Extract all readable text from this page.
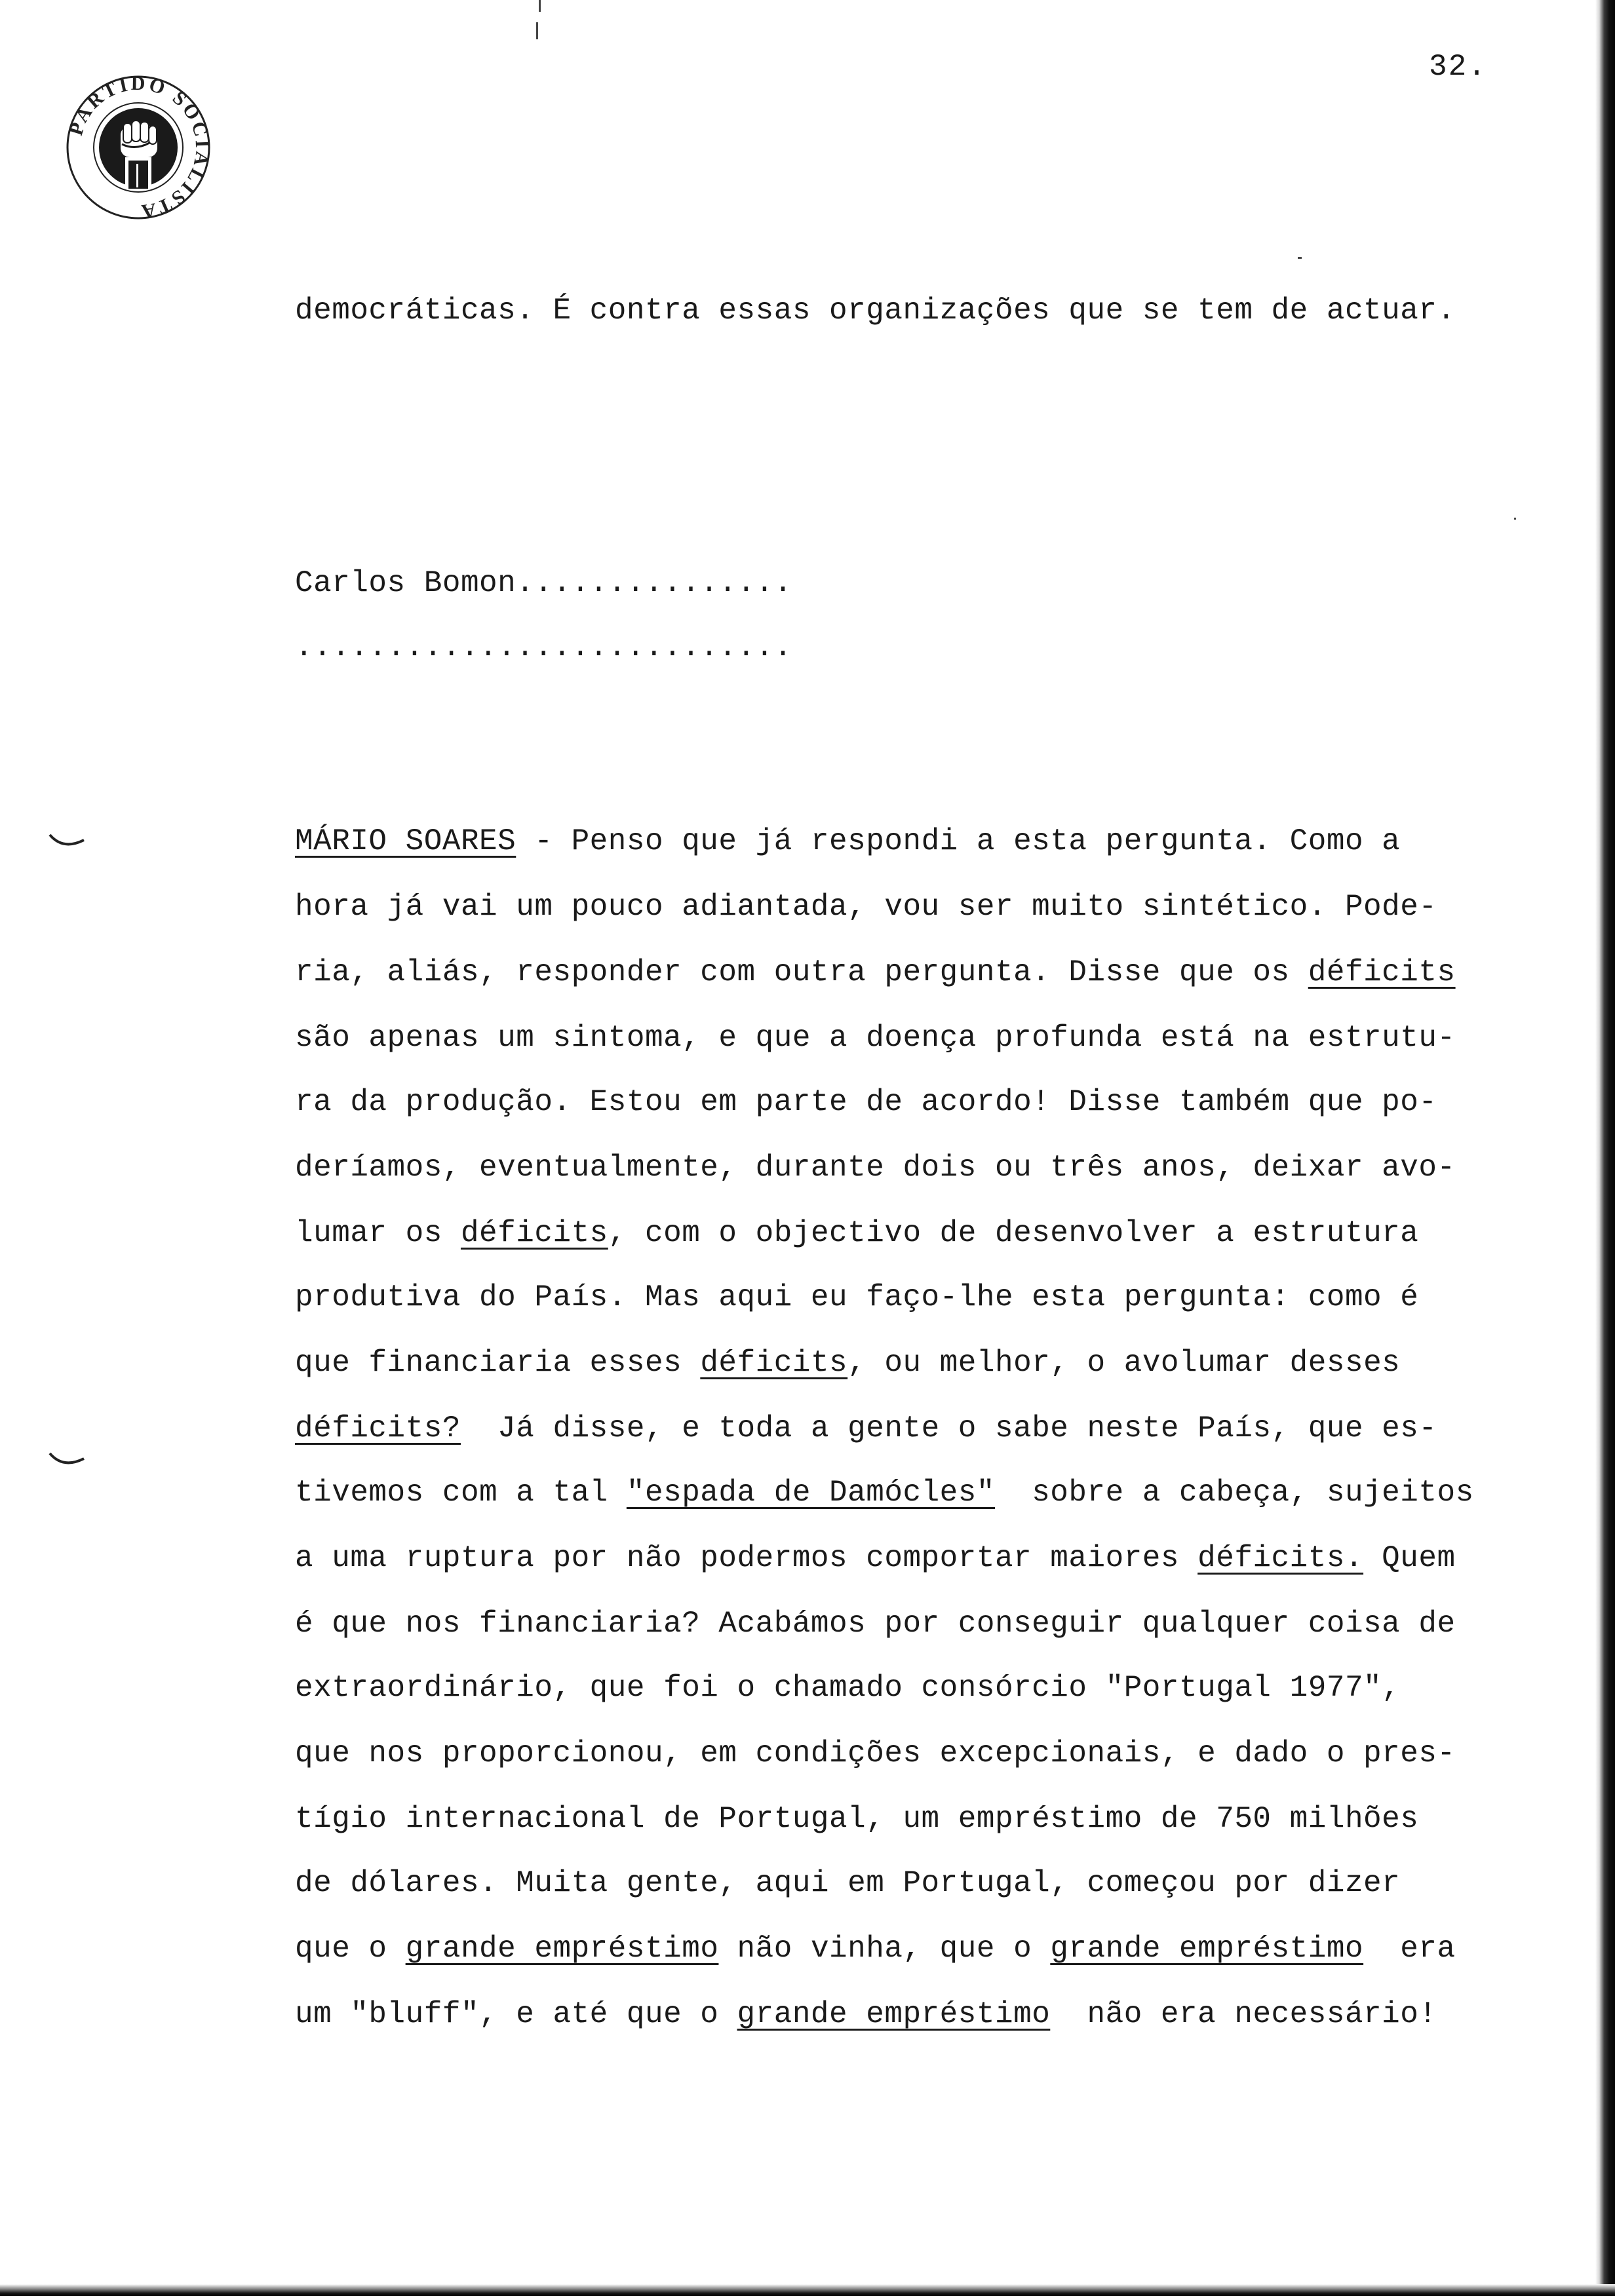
32.
PARTIDO SOCIALISTA
democráticas. É contra essas organizações que se tem de actuar.
Carlos Bomon...............
...........................
MÁRIO SOARES - Penso que já respondi a esta pergunta. Como a
hora já vai um pouco adiantada, vou ser muito sintético. Pode-
ria, aliás, responder com outra pergunta. Disse que os déficits
são apenas um sintoma, e que a doença profunda está na estrutu-
ra da produção. Estou em parte de acordo! Disse também que po-
deríamos, eventualmente, durante dois ou três anos, deixar avo-
lumar os déficits, com o objectivo de desenvolver a estrutura
produtiva do País. Mas aqui eu faço-lhe esta pergunta: como é
que financiaria esses déficits, ou melhor, o avolumar desses
déficits?  Já disse, e toda a gente o sabe neste País, que es-
tivemos com a tal "espada de Damócles"  sobre a cabeça, sujeitos
a uma ruptura por não podermos comportar maiores déficits. Quem
é que nos financiaria? Acabámos por conseguir qualquer coisa de
extraordinário, que foi o chamado consórcio "Portugal 1977",
que nos proporcionou, em condições excepcionais, e dado o pres-
tígio internacional de Portugal, um empréstimo de 750 milhões
de dólares. Muita gente, aqui em Portugal, começou por dizer
que o grande empréstimo não vinha, que o grande empréstimo  era
um "bluff", e até que o grande empréstimo  não era necessário!
